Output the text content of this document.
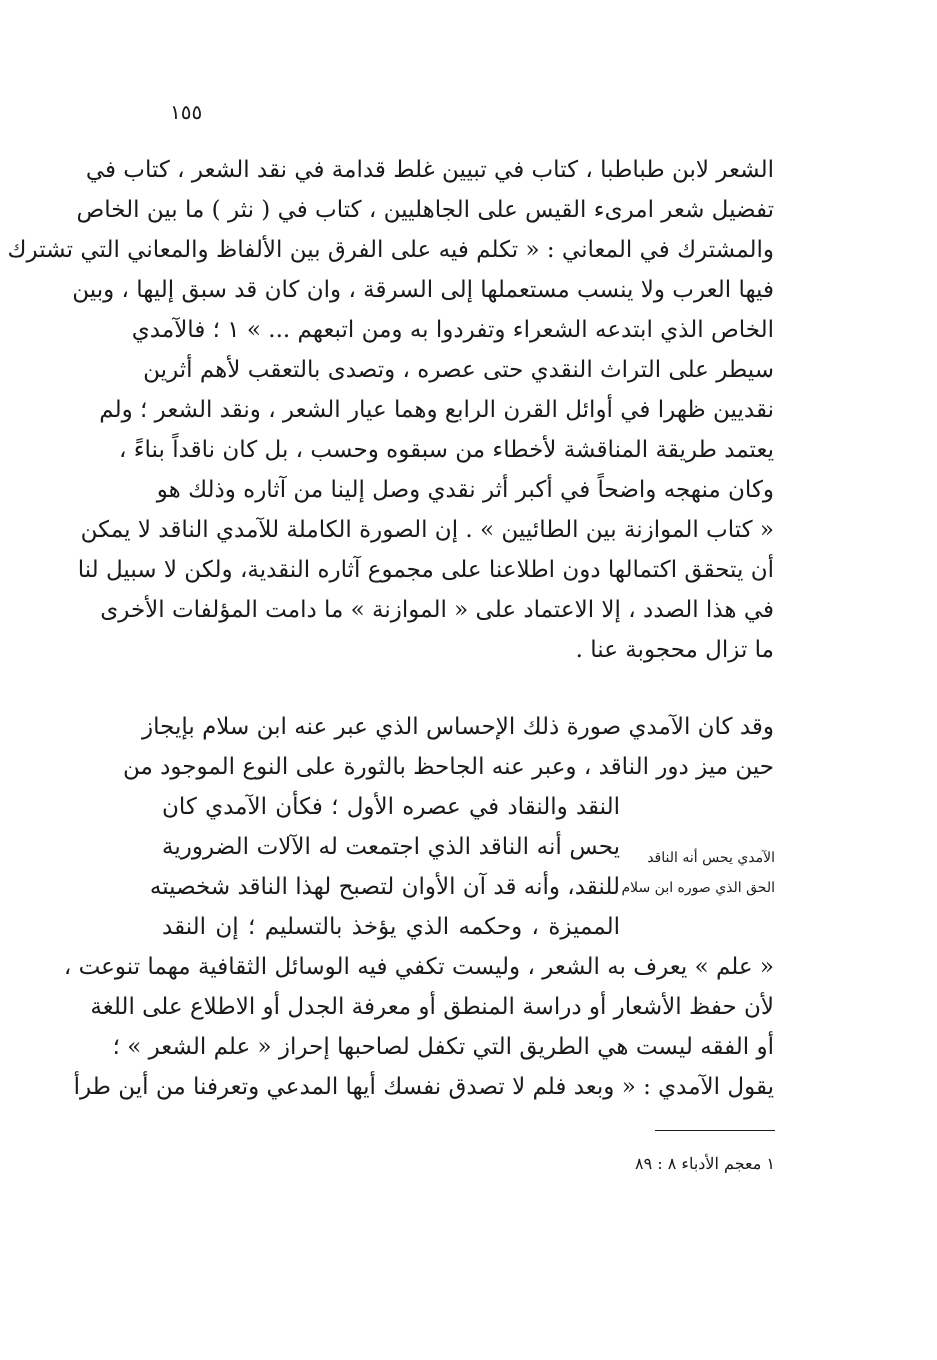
١٥٥
الشعر لابن طباطبا ، كتاب في تبيين غلط قدامة في نقد الشعر ، كتاب في
تفضيل شعر امرىء القيس على الجاهليين ، كتاب في ( نثر ) ما بين الخاص
والمشترك في المعاني : « تكلم فيه على الفرق بين الألفاظ والمعاني التي تشترك
فيها العرب ولا ينسب مستعملها إلى السرقة ، وان كان قد سبق إليها ، وبين
الخاص الذي ابتدعه الشعراء وتفردوا به ومن اتبعهم ... » ١ ؛ فالآمدي
سيطر على التراث النقدي حتى عصره ، وتصدى بالتعقب لأهم أثرين
نقديين ظهرا في أوائل القرن الرابع وهما عيار الشعر ، ونقد الشعر ؛ ولم
يعتمد طريقة المناقشة لأخطاء من سبقوه وحسب ، بل كان ناقداً بناءً ،
وكان منهجه واضحاً في أكبر أثر نقدي وصل إلينا من آثاره وذلك هو
« كتاب الموازنة بين الطائيين » . إن الصورة الكاملة للآمدي الناقد لا يمكن
أن يتحقق اكتمالها دون اطلاعنا على مجموع آثاره النقدية، ولكن لا سبيل لنا
في هذا الصدد ، إلا الاعتماد على « الموازنة » ما دامت المؤلفات الأخرى
ما تزال محجوبة عنا .
وقد كان الآمدي صورة ذلك الإحساس الذي عبر عنه ابن سلام بإيجاز
حين ميز دور الناقد ، وعبر عنه الجاحظ بالثورة على النوع الموجود من
النقد والنقاد في عصره الأول ؛ فكأن الآمدي كان
يحس أنه الناقد الذي اجتمعت له الآلات الضرورية
للنقد، وأنه قد آن الأوان لتصبح لهذا الناقد شخصيته
المميزة ، وحكمه الذي يؤخذ بالتسليم ؛ إن النقد
الآمدي يحس أنه الناقد
الحق الذي صوره ابن سلام
« علم » يعرف به الشعر ، وليست تكفي فيه الوسائل الثقافية مهما تنوعت ،
لأن حفظ الأشعار أو دراسة المنطق أو معرفة الجدل أو الاطلاع على اللغة
أو الفقه ليست هي الطريق التي تكفل لصاحبها إحراز « علم الشعر » ؛
يقول الآمدي : « وبعد فلم لا تصدق نفسك أيها المدعي وتعرفنا من أين طرأ
١ معجم الأدباء ٨ : ٨٩
